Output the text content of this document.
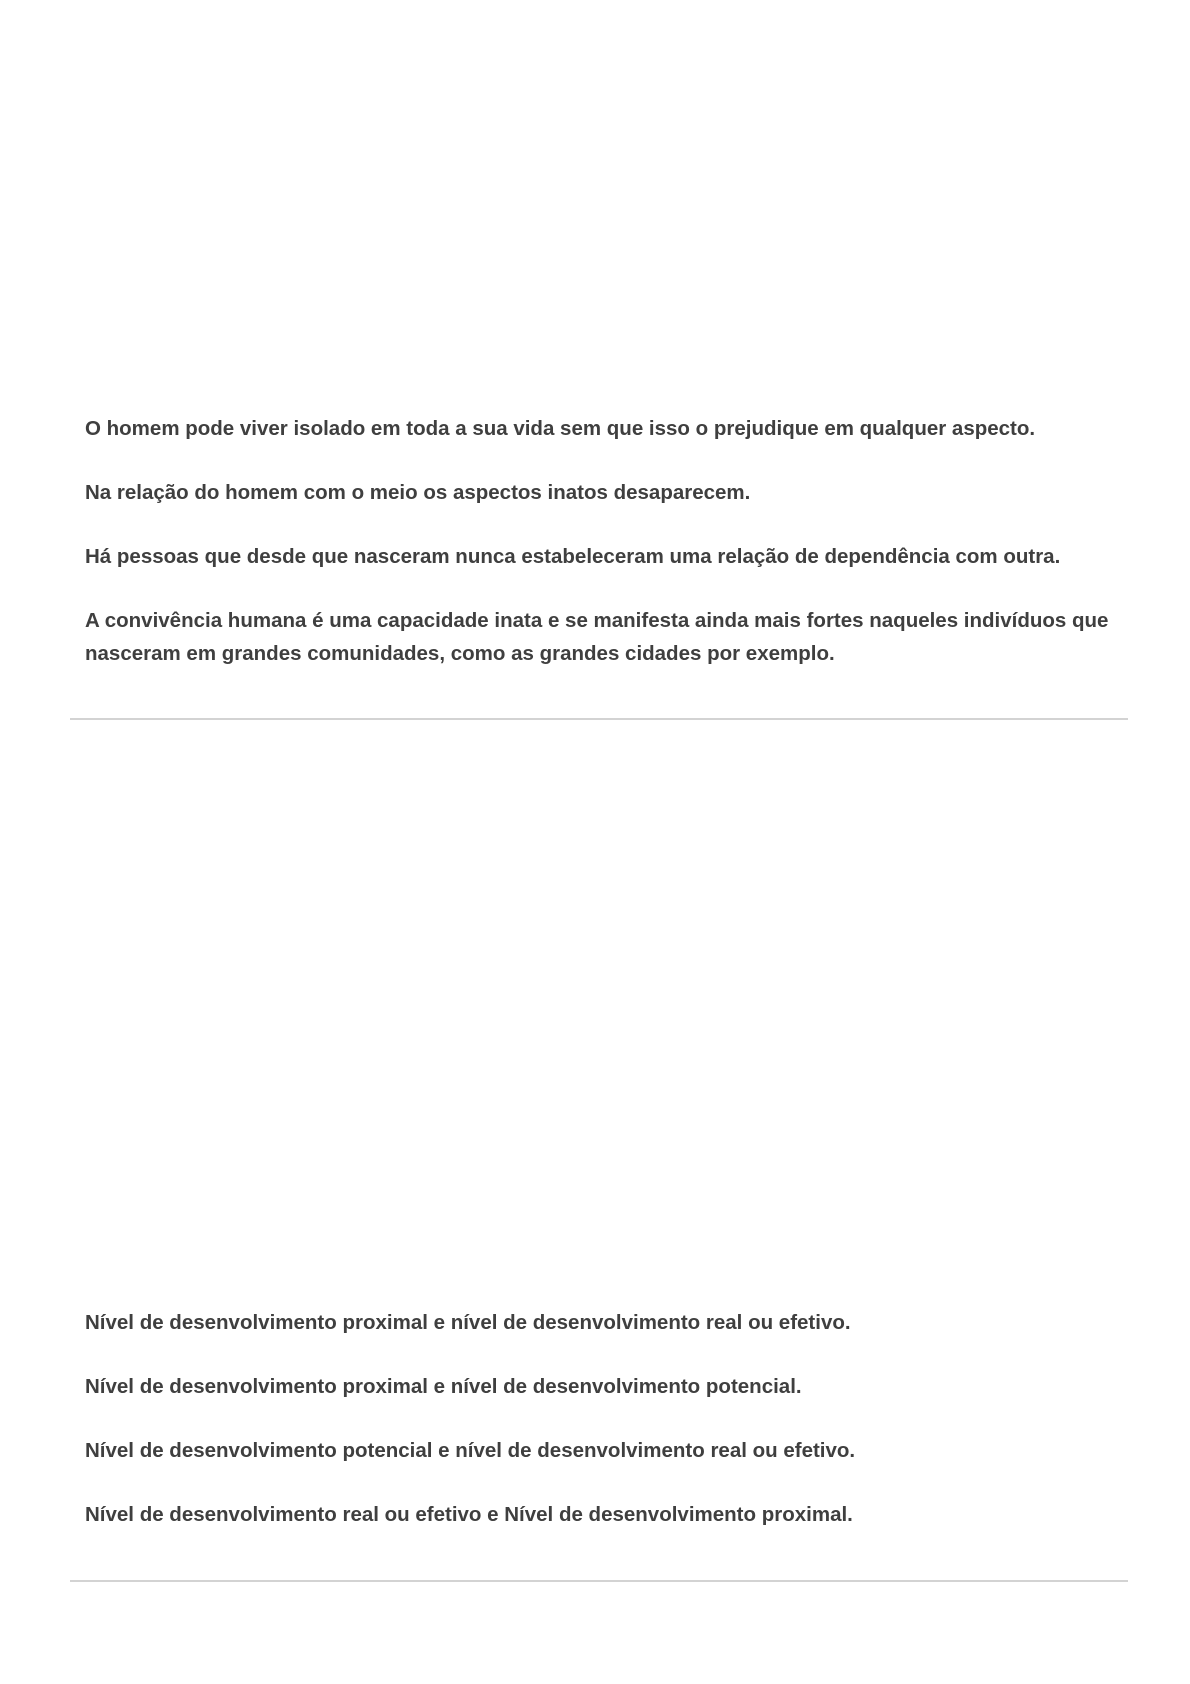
O homem pode viver isolado em toda a sua vida sem que isso o prejudique em qualquer aspecto.

Na relação do homem com o meio os aspectos inatos desaparecem.

Há pessoas que desde que nasceram nunca estabeleceram uma relação de dependência com outra.

A convivência humana é uma capacidade inata e se manifesta ainda mais fortes naqueles indivíduos que nasceram em grandes comunidades, como as grandes cidades por exemplo.

Nível de desenvolvimento proximal e nível de desenvolvimento real ou efetivo.

Nível de desenvolvimento proximal e nível de desenvolvimento potencial.

Nível de desenvolvimento potencial e nível de desenvolvimento real ou efetivo.

Nível de desenvolvimento real ou efetivo e Nível de desenvolvimento proximal.
